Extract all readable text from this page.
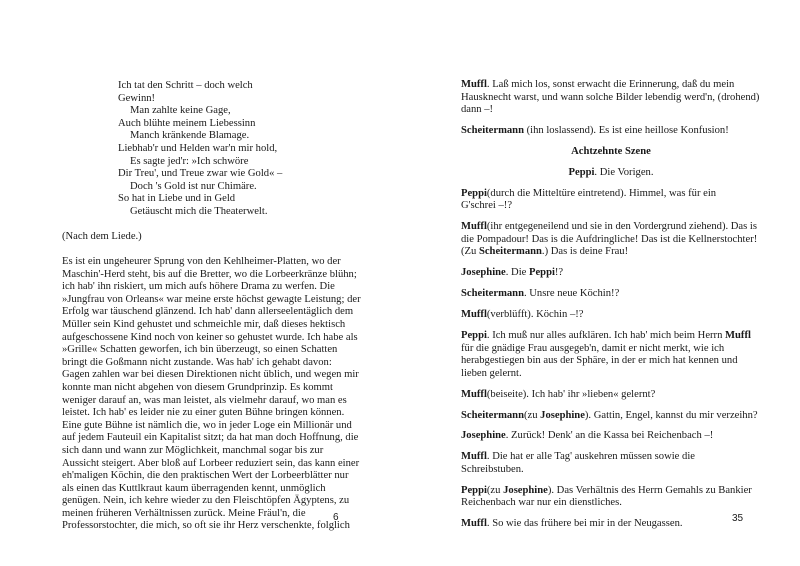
Ich tat den Schritt – doch welch
Gewinn!
Man zahlte keine Gage,
Auch blühte meinem Liebessinn
Manch kränkende Blamage.
Liebhab'r und Helden war'n mir hold,
Es sagte jed'r: »Ich schwöre
Dir Treu', und Treue zwar wie Gold« –
Doch 's Gold ist nur Chimäre.
So hat in Liebe und in Geld
Getäuscht mich die Theaterwelt.
(Nach dem Liede.)
Es ist ein ungeheurer Sprung von den Kehlheimer-Platten, wo der
Maschin'-Herd steht, bis auf die Bretter, wo die Lorbeerkränze blühn;
ich hab' ihn riskiert, um mich aufs höhere Drama zu werfen. Die
»Jungfrau von Orleans« war meine erste höchst gewagte Leistung; der
Erfolg war täuschend glänzend. Ich hab' dann allerseelentäglich dem
Müller sein Kind gehustet und schmeichle mir, daß dieses hektisch
aufgeschossene Kind noch von keiner so gehustet wurde. Ich habe als
»Grille« Schatten geworfen, ich bin überzeugt, so einen Schatten
bringt die Goßmann nicht zustande. Was hab' ich gehabt davon:
Gagen zahlen war bei diesen Direktionen nicht üblich, und wegen mir
konnte man nicht abgehen von diesem Grundprinzip. Es kommt
weniger darauf an, was man leistet, als vielmehr darauf, wo man es
leistet. Ich hab' es leider nie zu einer guten Bühne bringen können.
Eine gute Bühne ist nämlich die, wo in jeder Loge ein Millionär und
auf jedem Fauteuil ein Kapitalist sitzt; da hat man doch Hoffnung, die
sich dann und wann zur Möglichkeit, manchmal sogar bis zur
Aussicht steigert. Aber bloß auf Lorbeer reduziert sein, das kann einer
eh'maligen Köchin, die den praktischen Wert der Lorbeerblätter nur
als einen das Kuttlkraut kaum überragenden kennt, unmöglich
genügen. Nein, ich kehre wieder zu den Fleischtöpfen Ägyptens, zu
meinen früheren Verhältnissen zurück. Meine Fräul'n, die
Professorstochter, die mich, so oft sie ihr Herz verschenkte, folglich
6
Muffl. Laß mich los, sonst erwacht die Erinnerung, daß du mein
Hausknecht warst, und wann solche Bilder lebendig werd'n, (drohend)
dann –!
Scheitermann (ihn loslassend). Es ist eine heillose Konfusion!
Achtzehnte Szene
Peppi. Die Vorigen.
Peppi(durch die Mitteltüre eintretend). Himmel, was für ein
G'schrei –!?
Muffl(ihr entgegeneilend und sie in den Vordergrund ziehend). Das is
die Pompadour! Das is die Aufdringliche! Das ist die Kellnerstochter!
(Zu Scheitermann.) Das is deine Frau!
Josephine. Die Peppi!?
Scheitermann. Unsre neue Köchin!?
Muffl(verblüfft). Köchin –!?
Peppi. Ich muß nur alles aufklären. Ich hab' mich beim Herrn Muffl
für die gnädige Frau ausgegeb'n, damit er nicht merkt, wie ich
herabgestiegen bin aus der Sphäre, in der er mich hat kennen und
lieben gelernt.
Muffl(beiseite). Ich hab' ihr »lieben« gelernt?
Scheitermann(zu Josephine). Gattin, Engel, kannst du mir verzeihn?
Josephine. Zurück! Denk' an die Kassa bei Reichenbach –!
Muffl. Die hat er alle Tag' auskehren müssen sowie die
Schreibstuben.
Peppi(zu Josephine). Das Verhältnis des Herrn Gemahls zu Bankier
Reichenbach war nur ein dienstliches.
Muffl. So wie das frühere bei mir in der Neugassen.	35
